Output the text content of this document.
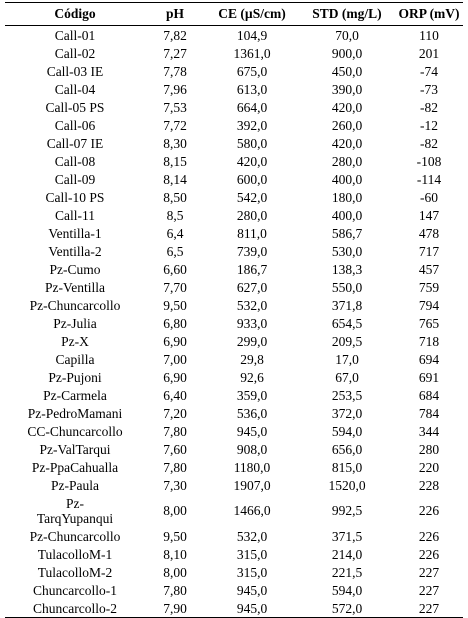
Código	pH	CE (µS/cm)	STD (mg/L)	ORP (mV)
Call-01	7,82	104,9	70,0	110
Call-02	7,27	1361,0	900,0	201
Call-03 IE	7,78	675,0	450,0	-74
Call-04	7,96	613,0	390,0	-73
Call-05 PS	7,53	664,0	420,0	-82
Call-06	7,72	392,0	260,0	-12
Call-07 IE	8,30	580,0	420,0	-82
Call-08	8,15	420,0	280,0	-108
Call-09	8,14	600,0	400,0	-114
Call-10 PS	8,50	542,0	180,0	-60
Call-11	8,5	280,0	400,0	147
Ventilla-1	6,4	811,0	586,7	478
Ventilla-2	6,5	739,0	530,0	717
Pz-Cumo	6,60	186,7	138,3	457
Pz-Ventilla	7,70	627,0	550,0	759
Pz-Chuncarcollo	9,50	532,0	371,8	794
Pz-Julia	6,80	933,0	654,5	765
Pz-X	6,90	299,0	209,5	718
Capilla	7,00	29,8	17,0	694
Pz-Pujoni	6,90	92,6	67,0	691
Pz-Carmela	6,40	359,0	253,5	684
Pz-PedroMamani	7,20	536,0	372,0	784
CC-Chuncarcollo	7,80	945,0	594,0	344
Pz-ValTarqui	7,60	908,0	656,0	280
Pz-PpaCahualla	7,80	1180,0	815,0	220
Pz-Paula	7,30	1907,0	1520,0	228
Pz-
TarqYupanqui	8,00	1466,0	992,5	226
Pz-Chuncarcollo	9,50	532,0	371,5	226
TulacolloM-1	8,10	315,0	214,0	226
TulacolloM-2	8,00	315,0	221,5	227
Chuncarcollo-1	7,80	945,0	594,0	227
Chuncarcollo-2	7,90	945,0	572,0	227
